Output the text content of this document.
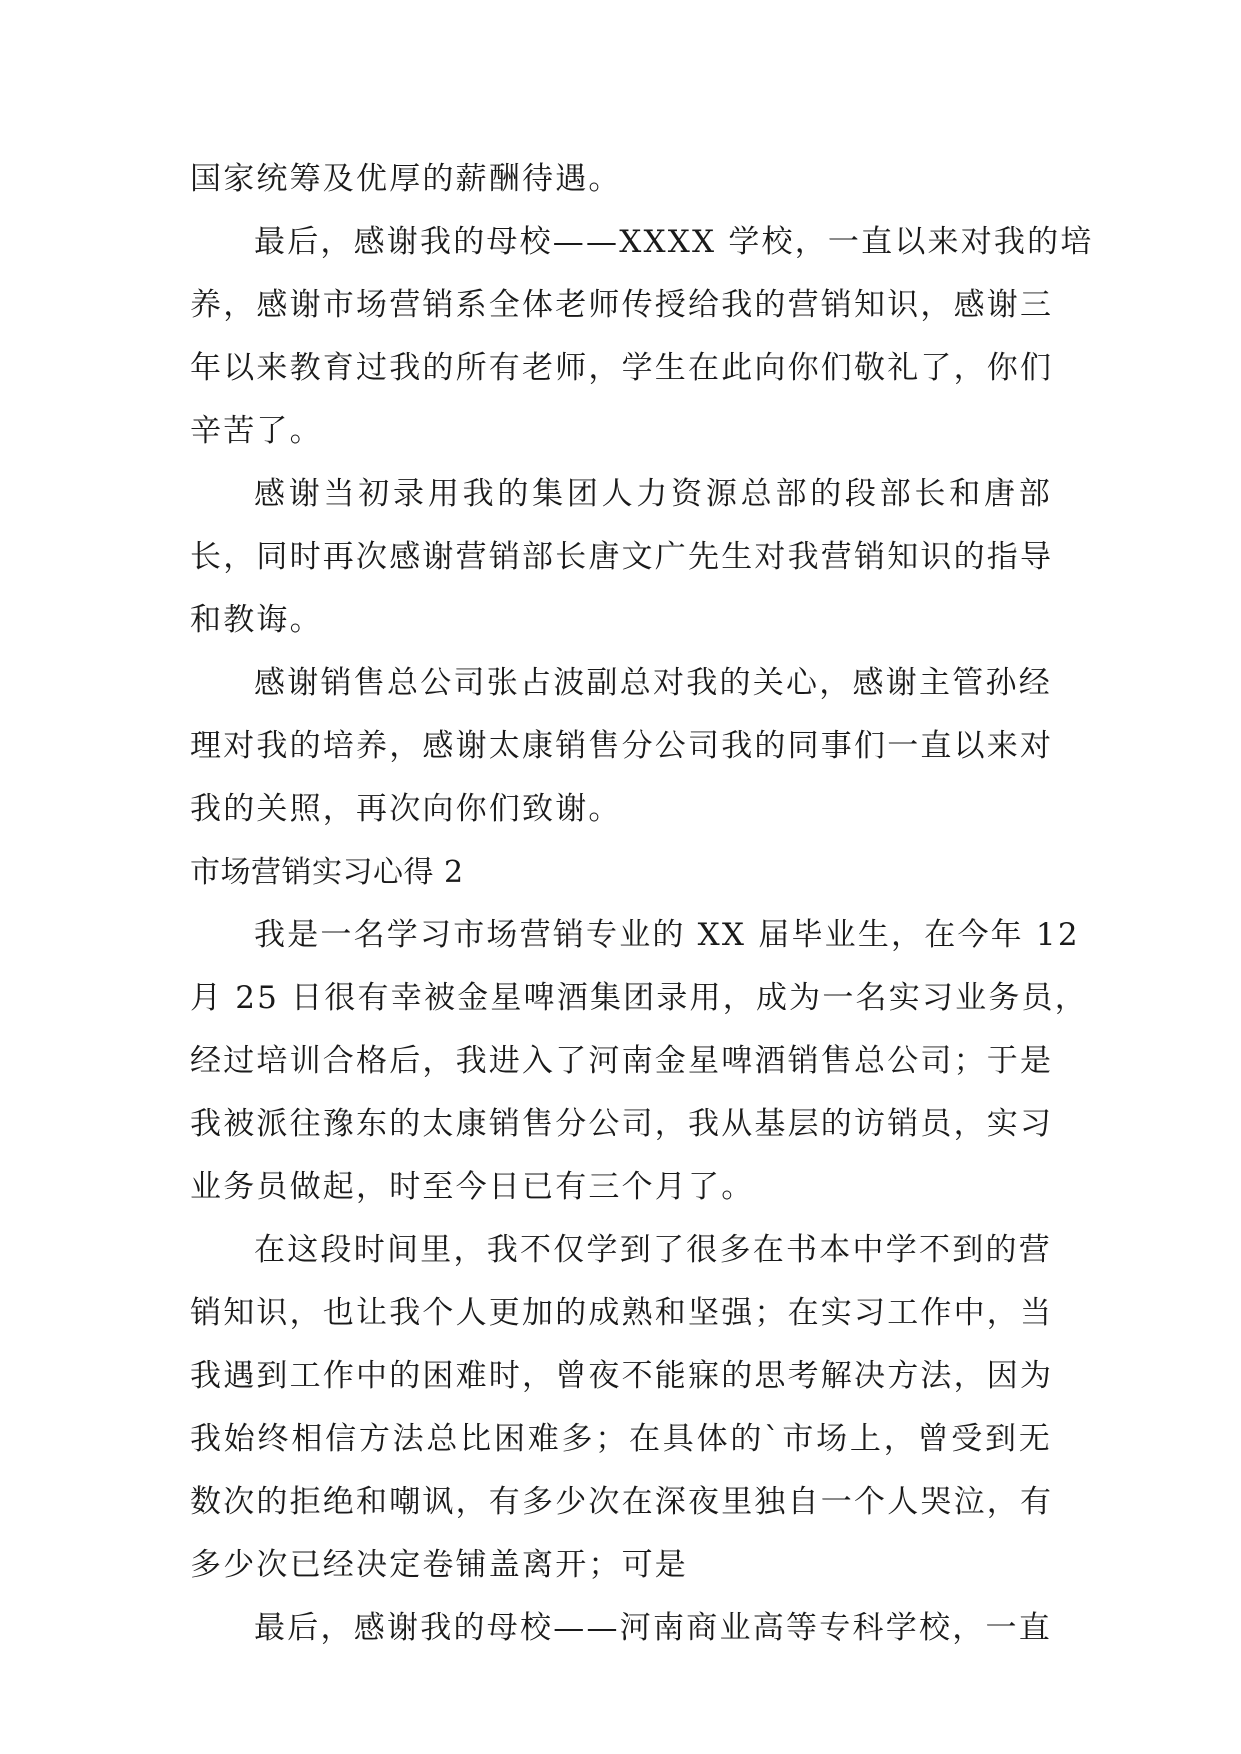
国家统筹及优厚的薪酬待遇。
最后，感谢我的母校——XXXX 学校，一直以来对我的培
养，感谢市场营销系全体老师传授给我的营销知识，感谢三
年以来教育过我的所有老师，学生在此向你们敬礼了，你们
辛苦了。
感谢当初录用我的集团人力资源总部的段部长和唐部
长，同时再次感谢营销部长唐文广先生对我营销知识的指导
和教诲。
感谢销售总公司张占波副总对我的关心，感谢主管孙经
理对我的培养，感谢太康销售分公司我的同事们一直以来对
我的关照，再次向你们致谢。
市场营销实习心得 2
我是一名学习市场营销专业的 XX 届毕业生，在今年 12
月 25 日很有幸被金星啤酒集团录用，成为一名实习业务员，
经过培训合格后，我进入了河南金星啤酒销售总公司；于是
我被派往豫东的太康销售分公司，我从基层的访销员，实习
业务员做起，时至今日已有三个月了。
在这段时间里，我不仅学到了很多在书本中学不到的营
销知识，也让我个人更加的成熟和坚强；在实习工作中，当
我遇到工作中的困难时，曾夜不能寐的思考解决方法，因为
我始终相信方法总比困难多；在具体的`市场上，曾受到无
数次的拒绝和嘲讽，有多少次在深夜里独自一个人哭泣，有
多少次已经决定卷铺盖离开；可是
最后，感谢我的母校——河南商业高等专科学校，一直
